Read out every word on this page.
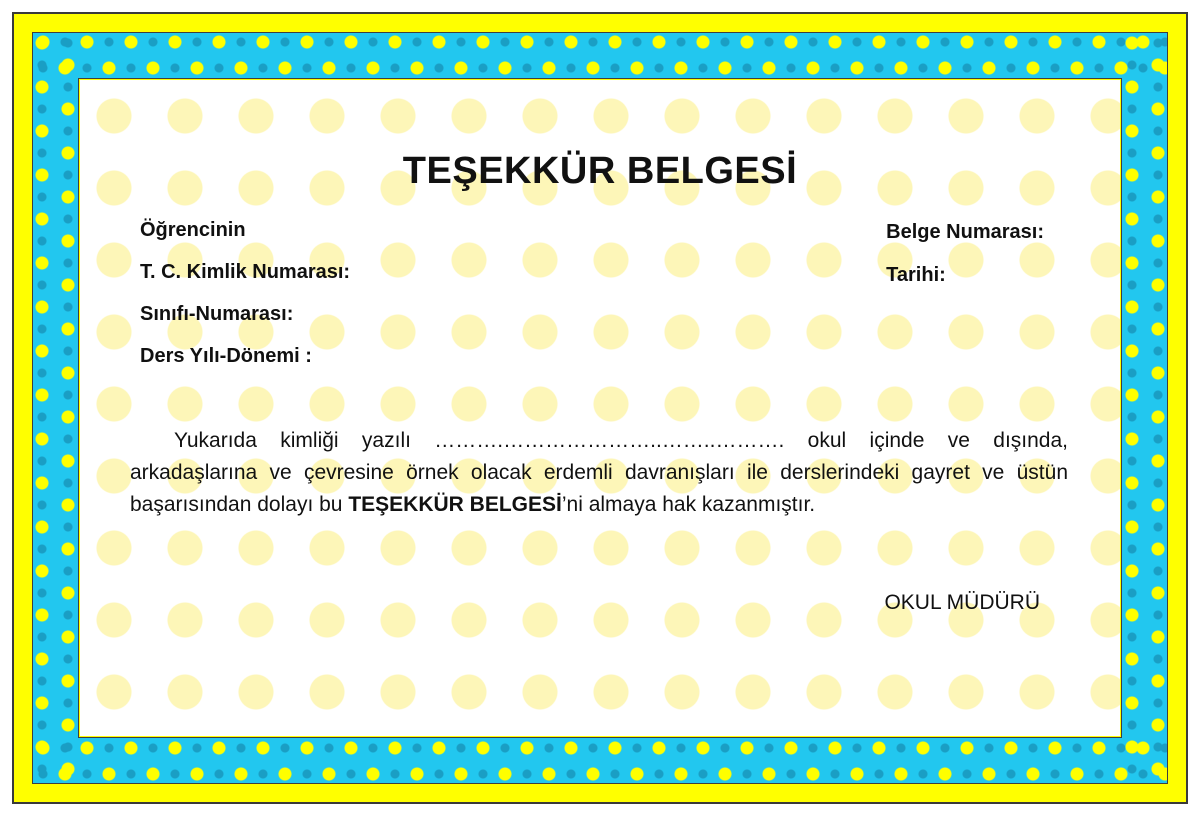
TEŞEKKÜR BELGESİ
Öğrencinin
T. C. Kimlik Numarası:
Sınıfı-Numarası:
Ders Yılı-Dönemi :
Belge Numarası:
Tarihi:

Yukarıda kimliği yazılı ……….…………………..……..………. okul içinde ve dışında, arkadaşlarına ve çevresine örnek olacak erdemli davranışları ile derslerindeki gayret ve üstün başarısından dolayı bu TEŞEKKÜR BELGESİ’ni almaya hak kazanmıştır.

OKUL MÜDÜRÜ
